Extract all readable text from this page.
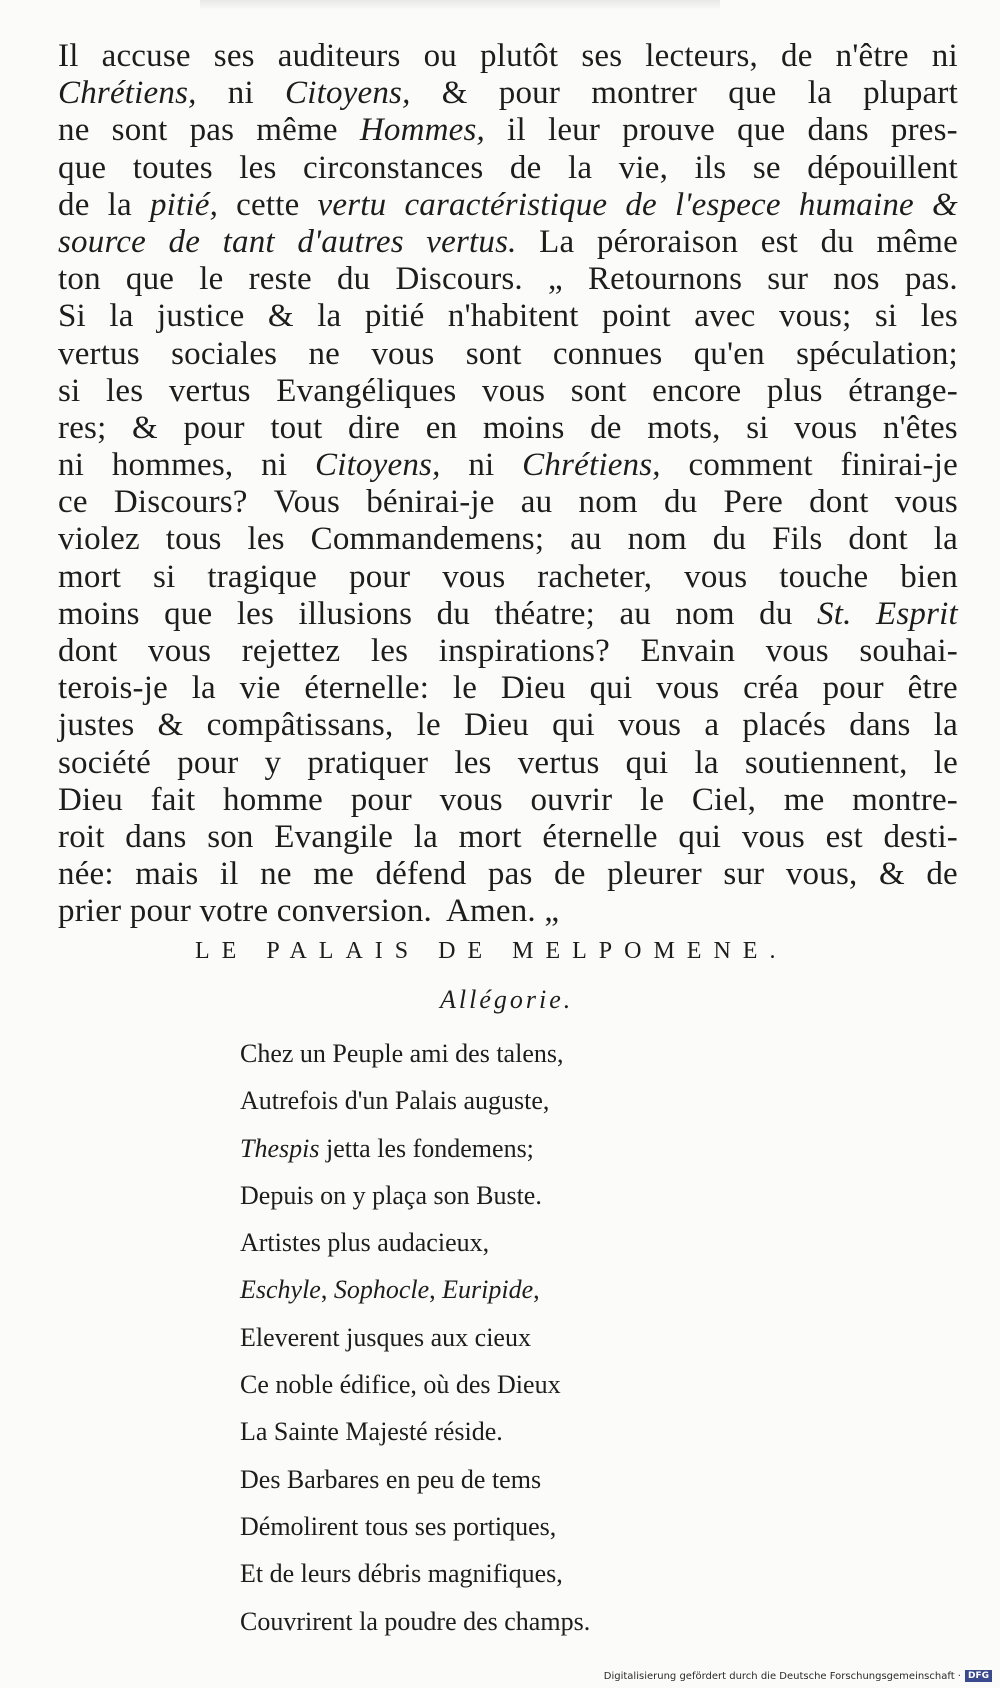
Il accuse ses auditeurs ou plutôt ses lecteurs, de n'être ni
Chrétiens, ni Citoyens, & pour montrer que la plupart
ne sont pas même Hommes, il leur prouve que dans pres-
que toutes les circonstances de la vie, ils se dépouillent
de la pitié, cette vertu caractéristique de l'espece humaine &
source de tant d'autres vertus. La péroraison est du même
ton que le reste du Discours. „ Retournons sur nos pas.
Si la justice & la pitié n'habitent point avec vous; si les
vertus sociales ne vous sont connues qu'en spéculation;
si les vertus Evangéliques vous sont encore plus étrange-
res; & pour tout dire en moins de mots, si vous n'êtes
ni hommes, ni Citoyens, ni Chrétiens, comment finirai-je
ce Discours? Vous bénirai-je au nom du Pere dont vous
violez tous les Commandemens; au nom du Fils dont la
mort si tragique pour vous racheter, vous touche bien
moins que les illusions du théatre; au nom du St. Esprit
dont vous rejettez les inspirations? Envain vous souhai-
terois-je la vie éternelle: le Dieu qui vous créa pour être
justes & compâtissans, le Dieu qui vous a placés dans la
société pour y pratiquer les vertus qui la soutiennent, le
Dieu fait homme pour vous ouvrir le Ciel, me montre-
roit dans son Evangile la mort éternelle qui vous est desti-
née: mais il ne me défend pas de pleurer sur vous, & de
prier pour votre conversion. Amen. „
LE PALAIS DE MELPOMENE.
Allégorie.
Chez un Peuple ami des talens,
Autrefois d'un Palais auguste,
Thespis jetta les fondemens;
Depuis on y plaça son Buste.
Artistes plus audacieux,
Eschyle, Sophocle, Euripide,
Eleverent jusques aux cieux
Ce noble édifice, où des Dieux
La Sainte Majesté réside.
Des Barbares en peu de tems
Démolirent tous ses portiques,
Et de leurs débris magnifiques,
Couvrirent la poudre des champs.
Digitalisierung gefördert durch die Deutsche Forschungsgemeinschaft · DFG
